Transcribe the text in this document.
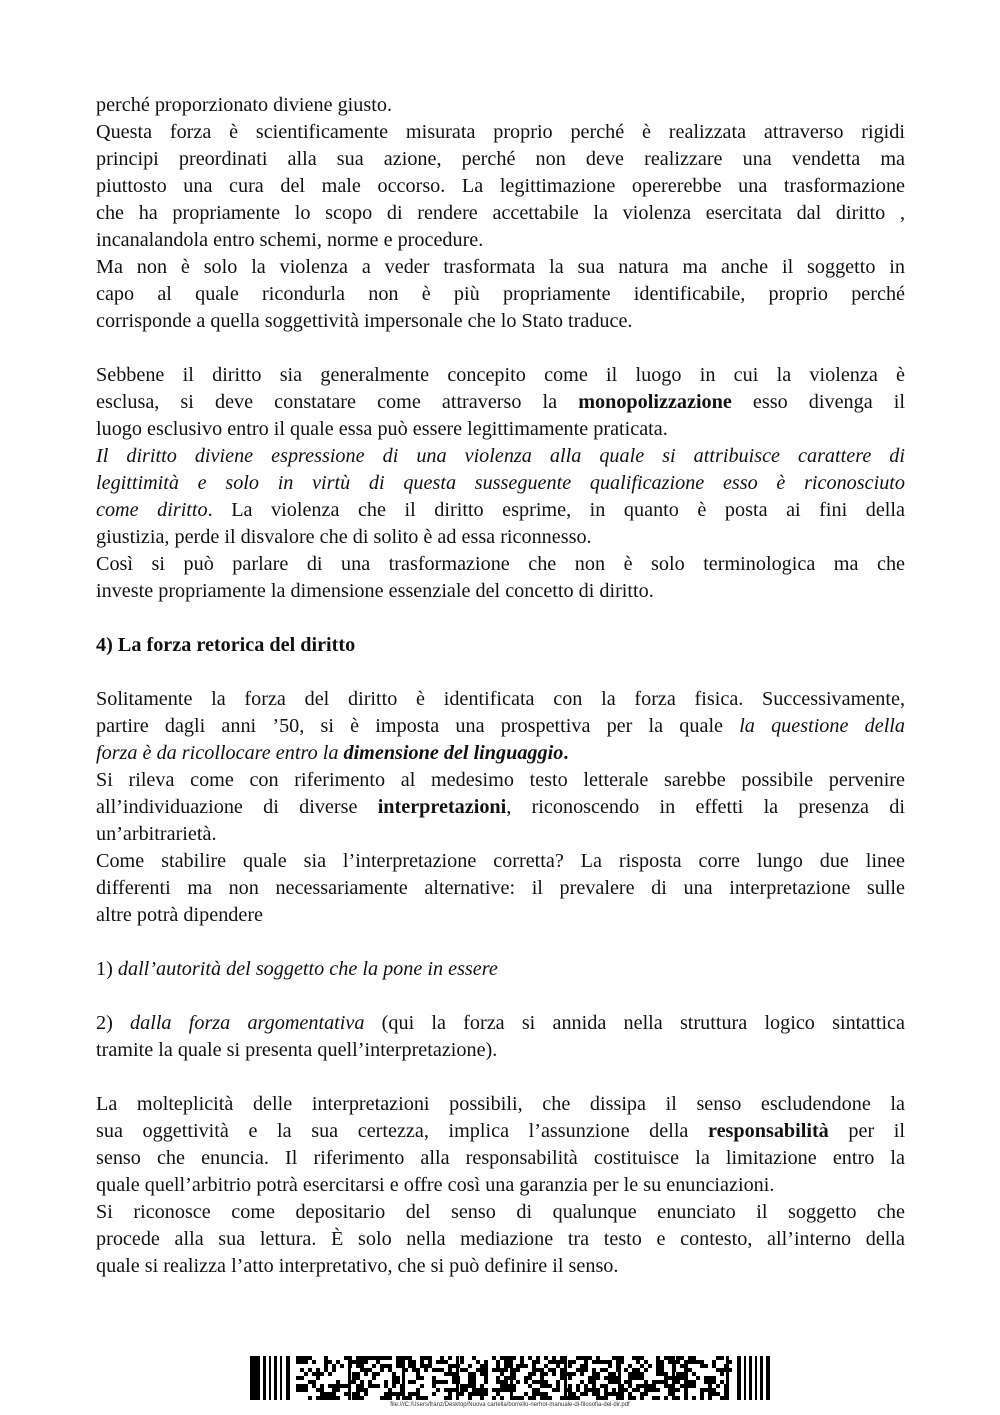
perché proporzionato diviene giusto.
Questa forza è scientificamente misurata proprio perché è realizzata attraverso rigidi
principi preordinati alla sua azione, perché non deve realizzare una vendetta ma
piuttosto una cura del male occorso. La legittimazione opererebbe una trasformazione
che ha propriamente lo scopo di rendere accettabile la violenza esercitata dal diritto ,
incanalandola entro schemi, norme e procedure.
Ma non è solo la violenza a veder trasformata la sua natura ma anche il soggetto in
capo al quale ricondurla non è più propriamente identificabile, proprio perché
corrisponde a quella soggettività impersonale che lo Stato traduce.
Sebbene il diritto sia generalmente concepito come il luogo in cui la violenza è
esclusa, si deve constatare come attraverso la monopolizzazione esso divenga il
luogo esclusivo entro il quale essa può essere legittimamente praticata.
Il diritto diviene espressione di una violenza alla quale si attribuisce carattere di
legittimità e solo in virtù di questa susseguente qualificazione esso è riconosciuto
come diritto. La violenza che il diritto esprime, in quanto è posta ai fini della
giustizia, perde il disvalore che di solito è ad essa riconnesso.
Così si può parlare di una trasformazione che non è solo terminologica ma che
investe propriamente la dimensione essenziale del concetto di diritto.
4) La forza retorica del diritto
Solitamente la forza del diritto è identificata con la forza fisica. Successivamente,
partire dagli anni ’50, si è imposta una prospettiva per la quale la questione della
forza è da ricollocare entro la dimensione del linguaggio.
Si rileva come con riferimento al medesimo testo letterale sarebbe possibile pervenire
all’individuazione di diverse interpretazioni, riconoscendo in effetti la presenza di
un’arbitrarietà.
Come stabilire quale sia l’interpretazione corretta? La risposta corre lungo due linee
differenti ma non necessariamente alternative: il prevalere di una interpretazione sulle
altre potrà dipendere
1) dall’autorità del soggetto che la pone in essere
2) dalla forza argomentativa (qui la forza si annida nella struttura logico sintattica
tramite la quale si presenta quell’interpretazione).
La molteplicità delle interpretazioni possibili, che dissipa il senso escludendone la
sua oggettività e la sua certezza, implica l’assunzione della responsabilità per il
senso che enuncia. Il riferimento alla responsabilità costituisce la limitazione entro la
quale quell’arbitrio potrà esercitarsi e offre così una garanzia per le su enunciazioni.
Si riconosce come depositario del senso di qualunque enunciato il soggetto che
procede alla sua lettura. È solo nella mediazione tra testo e contesto, all’interno della
quale si realizza l’atto interpretativo, che si può definire il senso.
file:///C:/Users/franz/Desktop/Nuova cartella/borrello-nerhot-manuale-di-filosofia-del-dir.pdf
